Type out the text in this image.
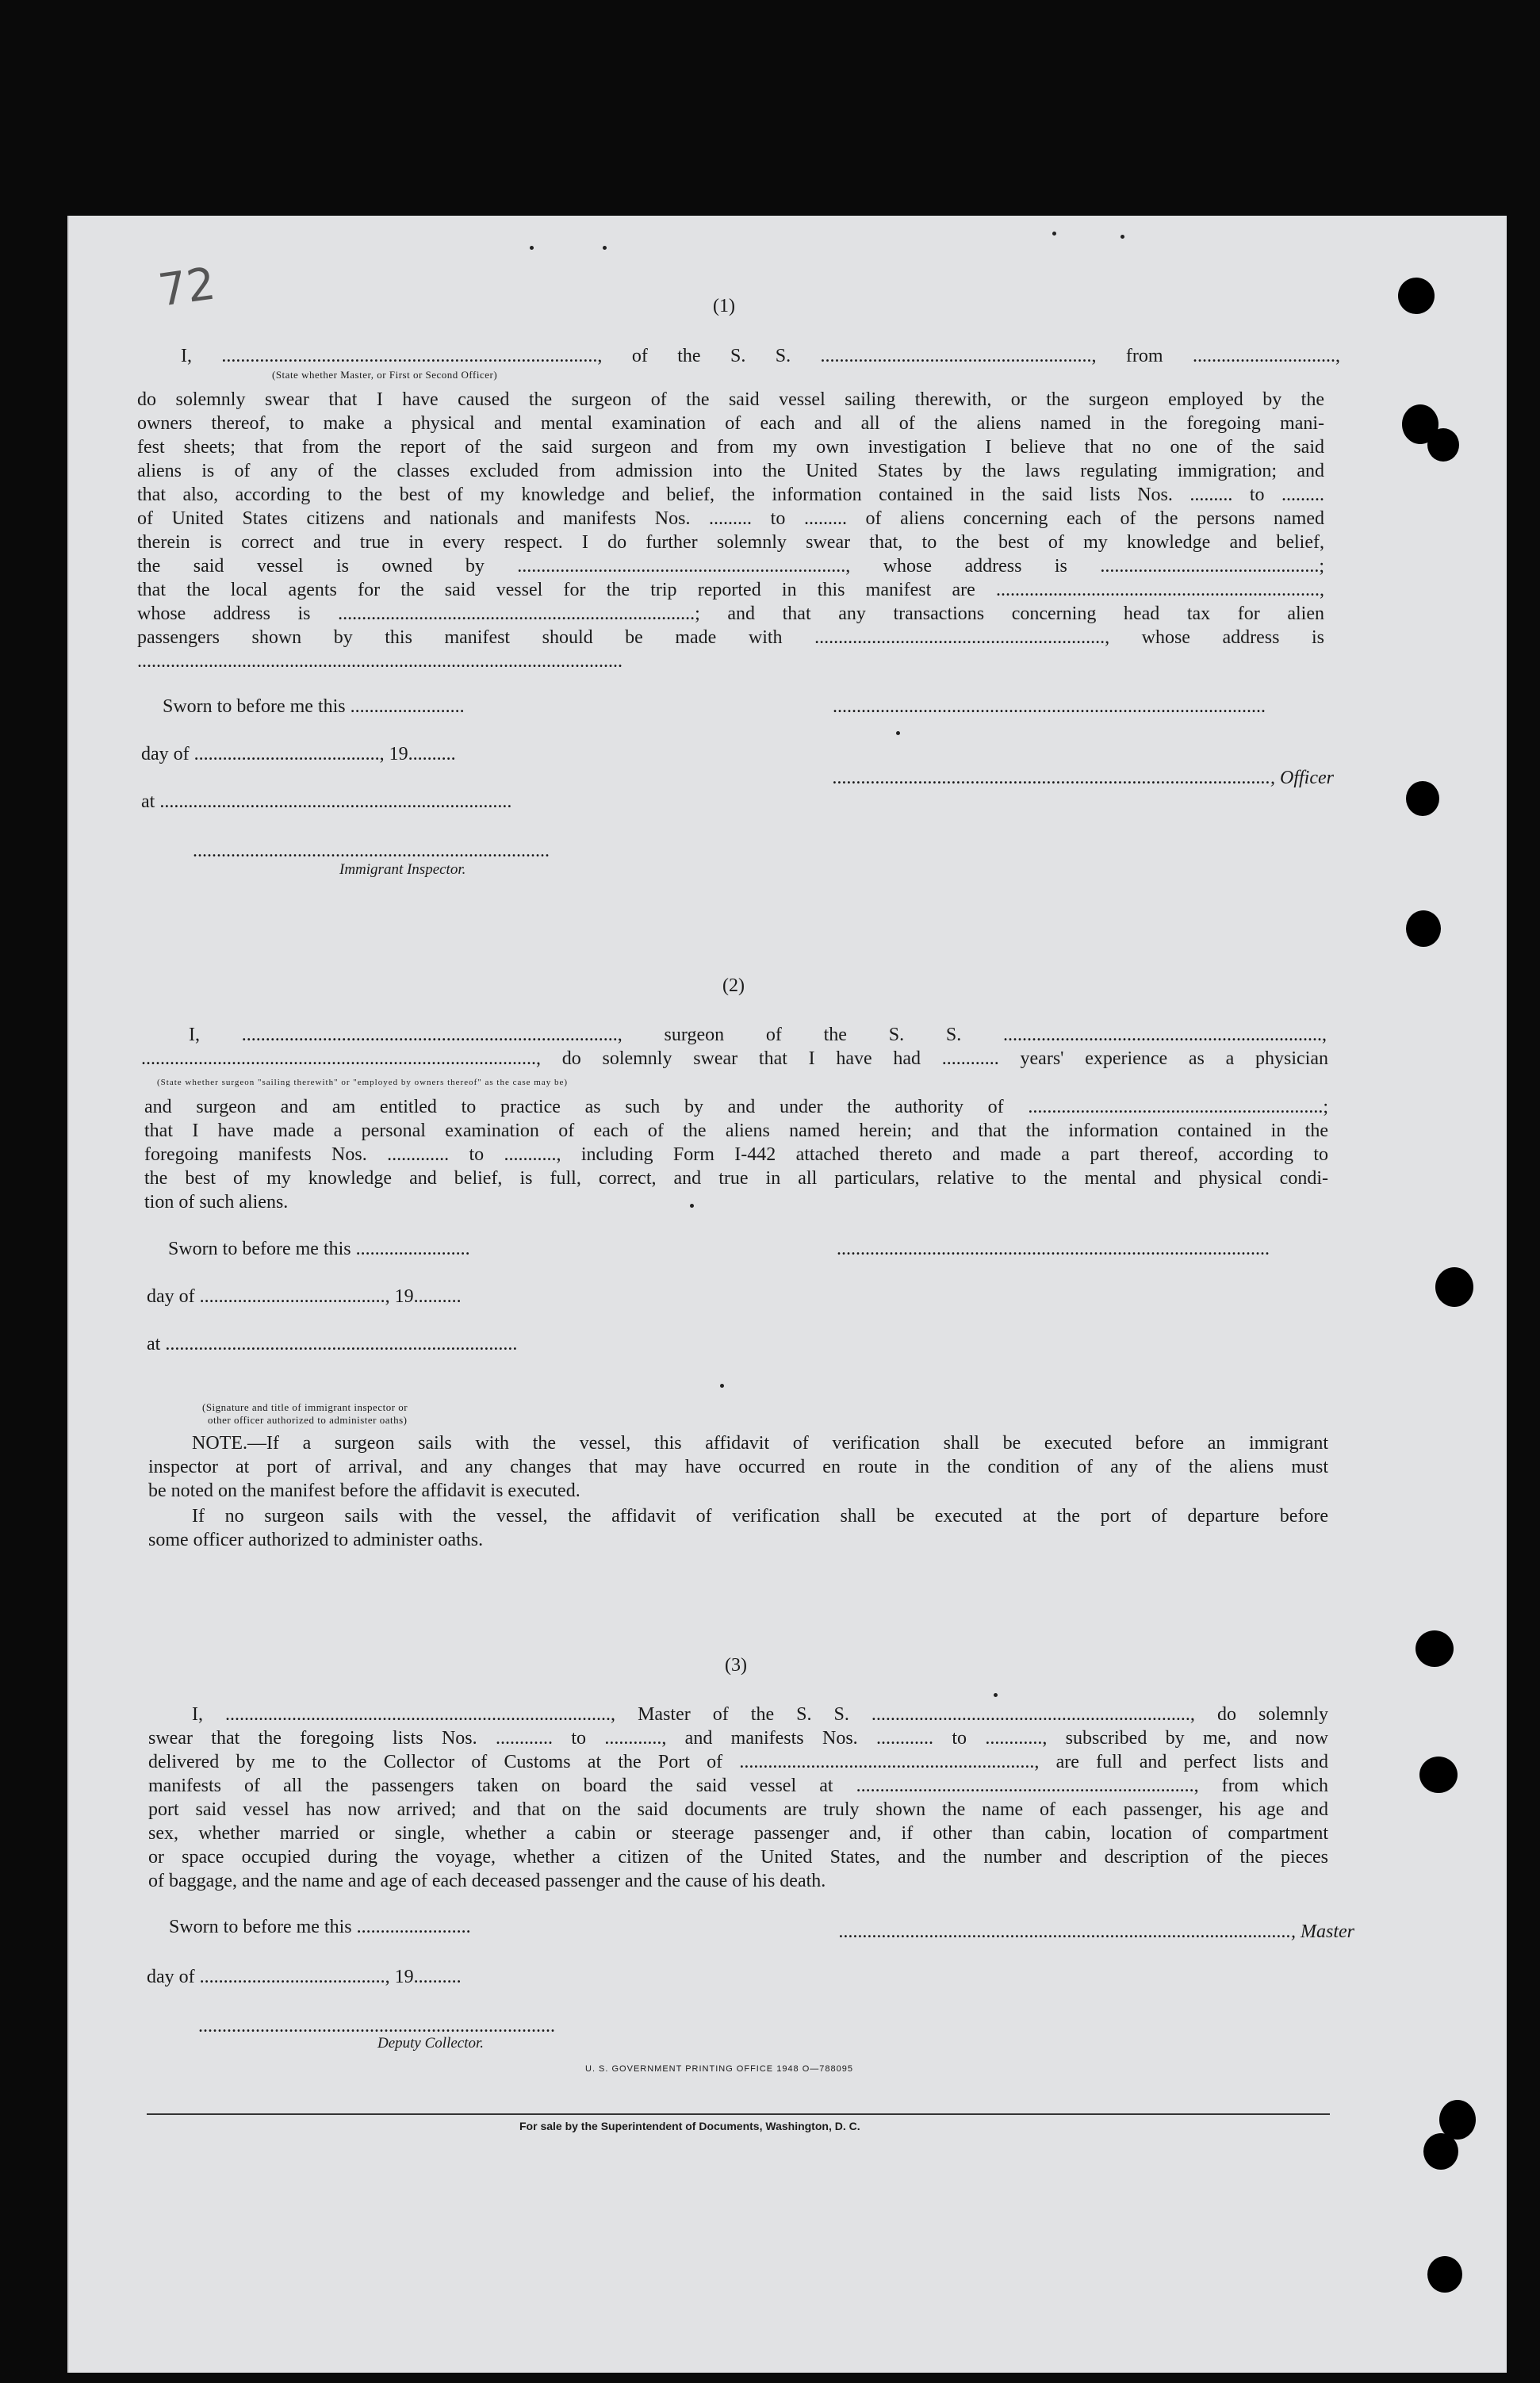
72	(1)
I, ..............................................................................., of the S. S. ........................................................., from ..............................,
(State whether Master, or First or Second Officer)
do solemnly swear that I have caused the surgeon of the said vessel sailing therewith, or the surgeon employed by the
owners thereof, to make a physical and mental examination of each and all of the aliens named in the foregoing mani-
fest sheets; that from the report of the said surgeon and from my own investigation I believe that no one of the said
aliens is of any of the classes excluded from admission into the United States by the laws regulating immigration; and
that also, according to the best of my knowledge and belief, the information contained in the said lists Nos. ......... to .........
of United States citizens and nationals and manifests Nos. ......... to ......... of aliens concerning each of the persons named
therein is correct and true in every respect. I do further solemnly swear that, to the best of my knowledge and belief,
the said vessel is owned by ....................................................................., whose address is ..............................................;
that the local agents for the said vessel for the trip reported in this manifest are ....................................................................,
whose address is ...........................................................................; and that any transactions concerning head tax for alien
passengers shown by this manifest should be made with ............................................................., whose address is
......................................................................................................
Sworn to before me this ........................	...........................................................................................
day of ......................................., 19..........
............................................................................................, Officer
at ..........................................................................
...........................................................................
Immigrant Inspector.
(2)
I, ..............................................................................., surgeon of the S. S. ...................................................................,
..................................................................................., do solemnly swear that I have had ............ years' experience as a physician
(State whether surgeon "sailing therewith" or "employed by owners thereof" as the case may be)
and surgeon and am entitled to practice as such by and under the authority of ..............................................................;
that I have made a personal examination of each of the aliens named herein; and that the information contained in the
foregoing manifests Nos. ............. to ..........., including Form I-442 attached thereto and made a part thereof, according to
the best of my knowledge and belief, is full, correct, and true in all particulars, relative to the mental and physical condi-
tion of such aliens.
Sworn to before me this ........................	...........................................................................................
day of ......................................., 19..........
at ..........................................................................
(Signature and title of immigrant inspector or
other officer authorized to administer oaths)
NOTE.—If a surgeon sails with the vessel, this affidavit of verification shall be executed before an immigrant
inspector at port of arrival, and any changes that may have occurred en route in the condition of any of the aliens must
be noted on the manifest before the affidavit is executed.
If no surgeon sails with the vessel, the affidavit of verification shall be executed at the port of departure before
some officer authorized to administer oaths.
(3)
I, ................................................................................., Master of the S. S. ..................................................................., do solemnly
swear that the foregoing lists Nos. ............ to ............, and manifests Nos. ............ to ............, subscribed by me, and now
delivered by me to the Collector of Customs at the Port of .............................................................., are full and perfect lists and
manifests of all the passengers taken on board the said vessel at ......................................................................., from which
port said vessel has now arrived; and that on the said documents are truly shown the name of each passenger, his age and
sex, whether married or single, whether a cabin or steerage passenger and, if other than cabin, location of compartment
or space occupied during the voyage, whether a citizen of the United States, and the number and description of the pieces
of baggage, and the name and age of each deceased passenger and the cause of his death.
Sworn to before me this ........................	..............................................................................................., Master
day of ......................................., 19..........
...........................................................................
Deputy Collector.
U. S. GOVERNMENT PRINTING OFFICE 1948 O—788095
For sale by the Superintendent of Documents, Washington, D. C.
